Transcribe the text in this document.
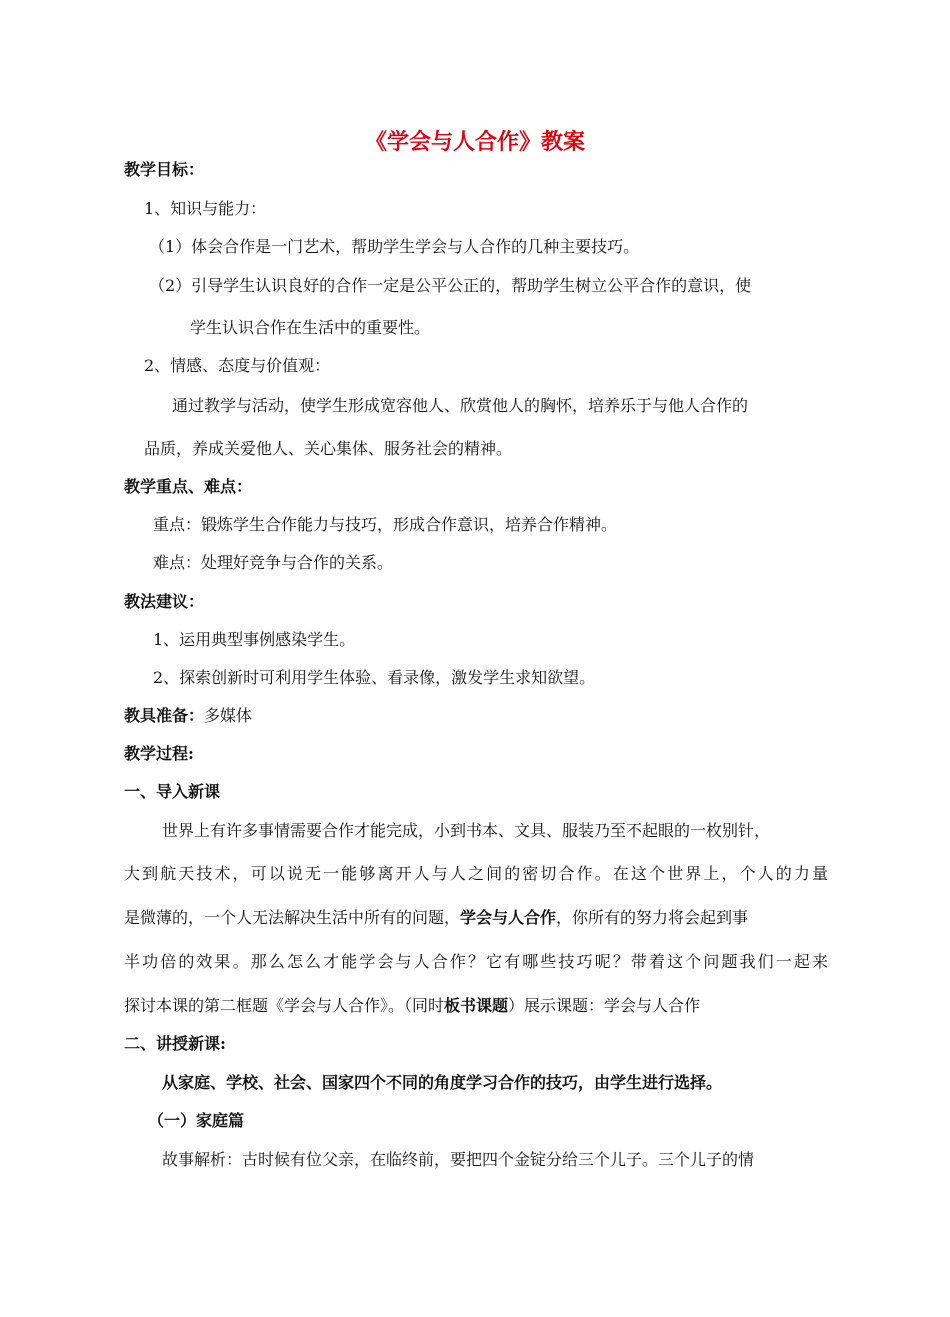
《学会与人合作》教案
教学目标：
1、知识与能力：
（1）体会合作是一门艺术，帮助学生学会与人合作的几种主要技巧。
（2）引导学生认识良好的合作一定是公平公正的，帮助学生树立公平合作的意识，使
学生认识合作在生活中的重要性。
2、情感、态度与价值观：
通过教学与活动，使学生形成宽容他人、欣赏他人的胸怀，培养乐于与他人合作的
品质，养成关爱他人、关心集体、服务社会的精神。
教学重点、难点：
重点：锻炼学生合作能力与技巧，形成合作意识，培养合作精神。
难点：处理好竞争与合作的关系。
教法建议：
1、运用典型事例感染学生。
2、探索创新时可利用学生体验、看录像，激发学生求知欲望。
教具准备：多媒体
教学过程:
一、导入新课
世界上有许多事情需要合作才能完成，小到书本、文具、服装乃至不起眼的一枚别针，
大到航天技术，可以说无一能够离开人与人之间的密切合作。在这个世界上，个人的力量
是微薄的，一个人无法解决生活中所有的问题，学会与人合作，你所有的努力将会起到事
半功倍的效果。那么怎么才能学会与人合作？它有哪些技巧呢？带着这个问题我们一起来
探讨本课的第二框题《学会与人合作》。（同时板书课题）展示课题：学会与人合作
二、讲授新课:
从家庭、学校、社会、国家四个不同的角度学习合作的技巧，由学生进行选择。
（一）家庭篇
故事解析：古时候有位父亲，在临终前，要把四个金锭分给三个儿子。三个儿子的情
